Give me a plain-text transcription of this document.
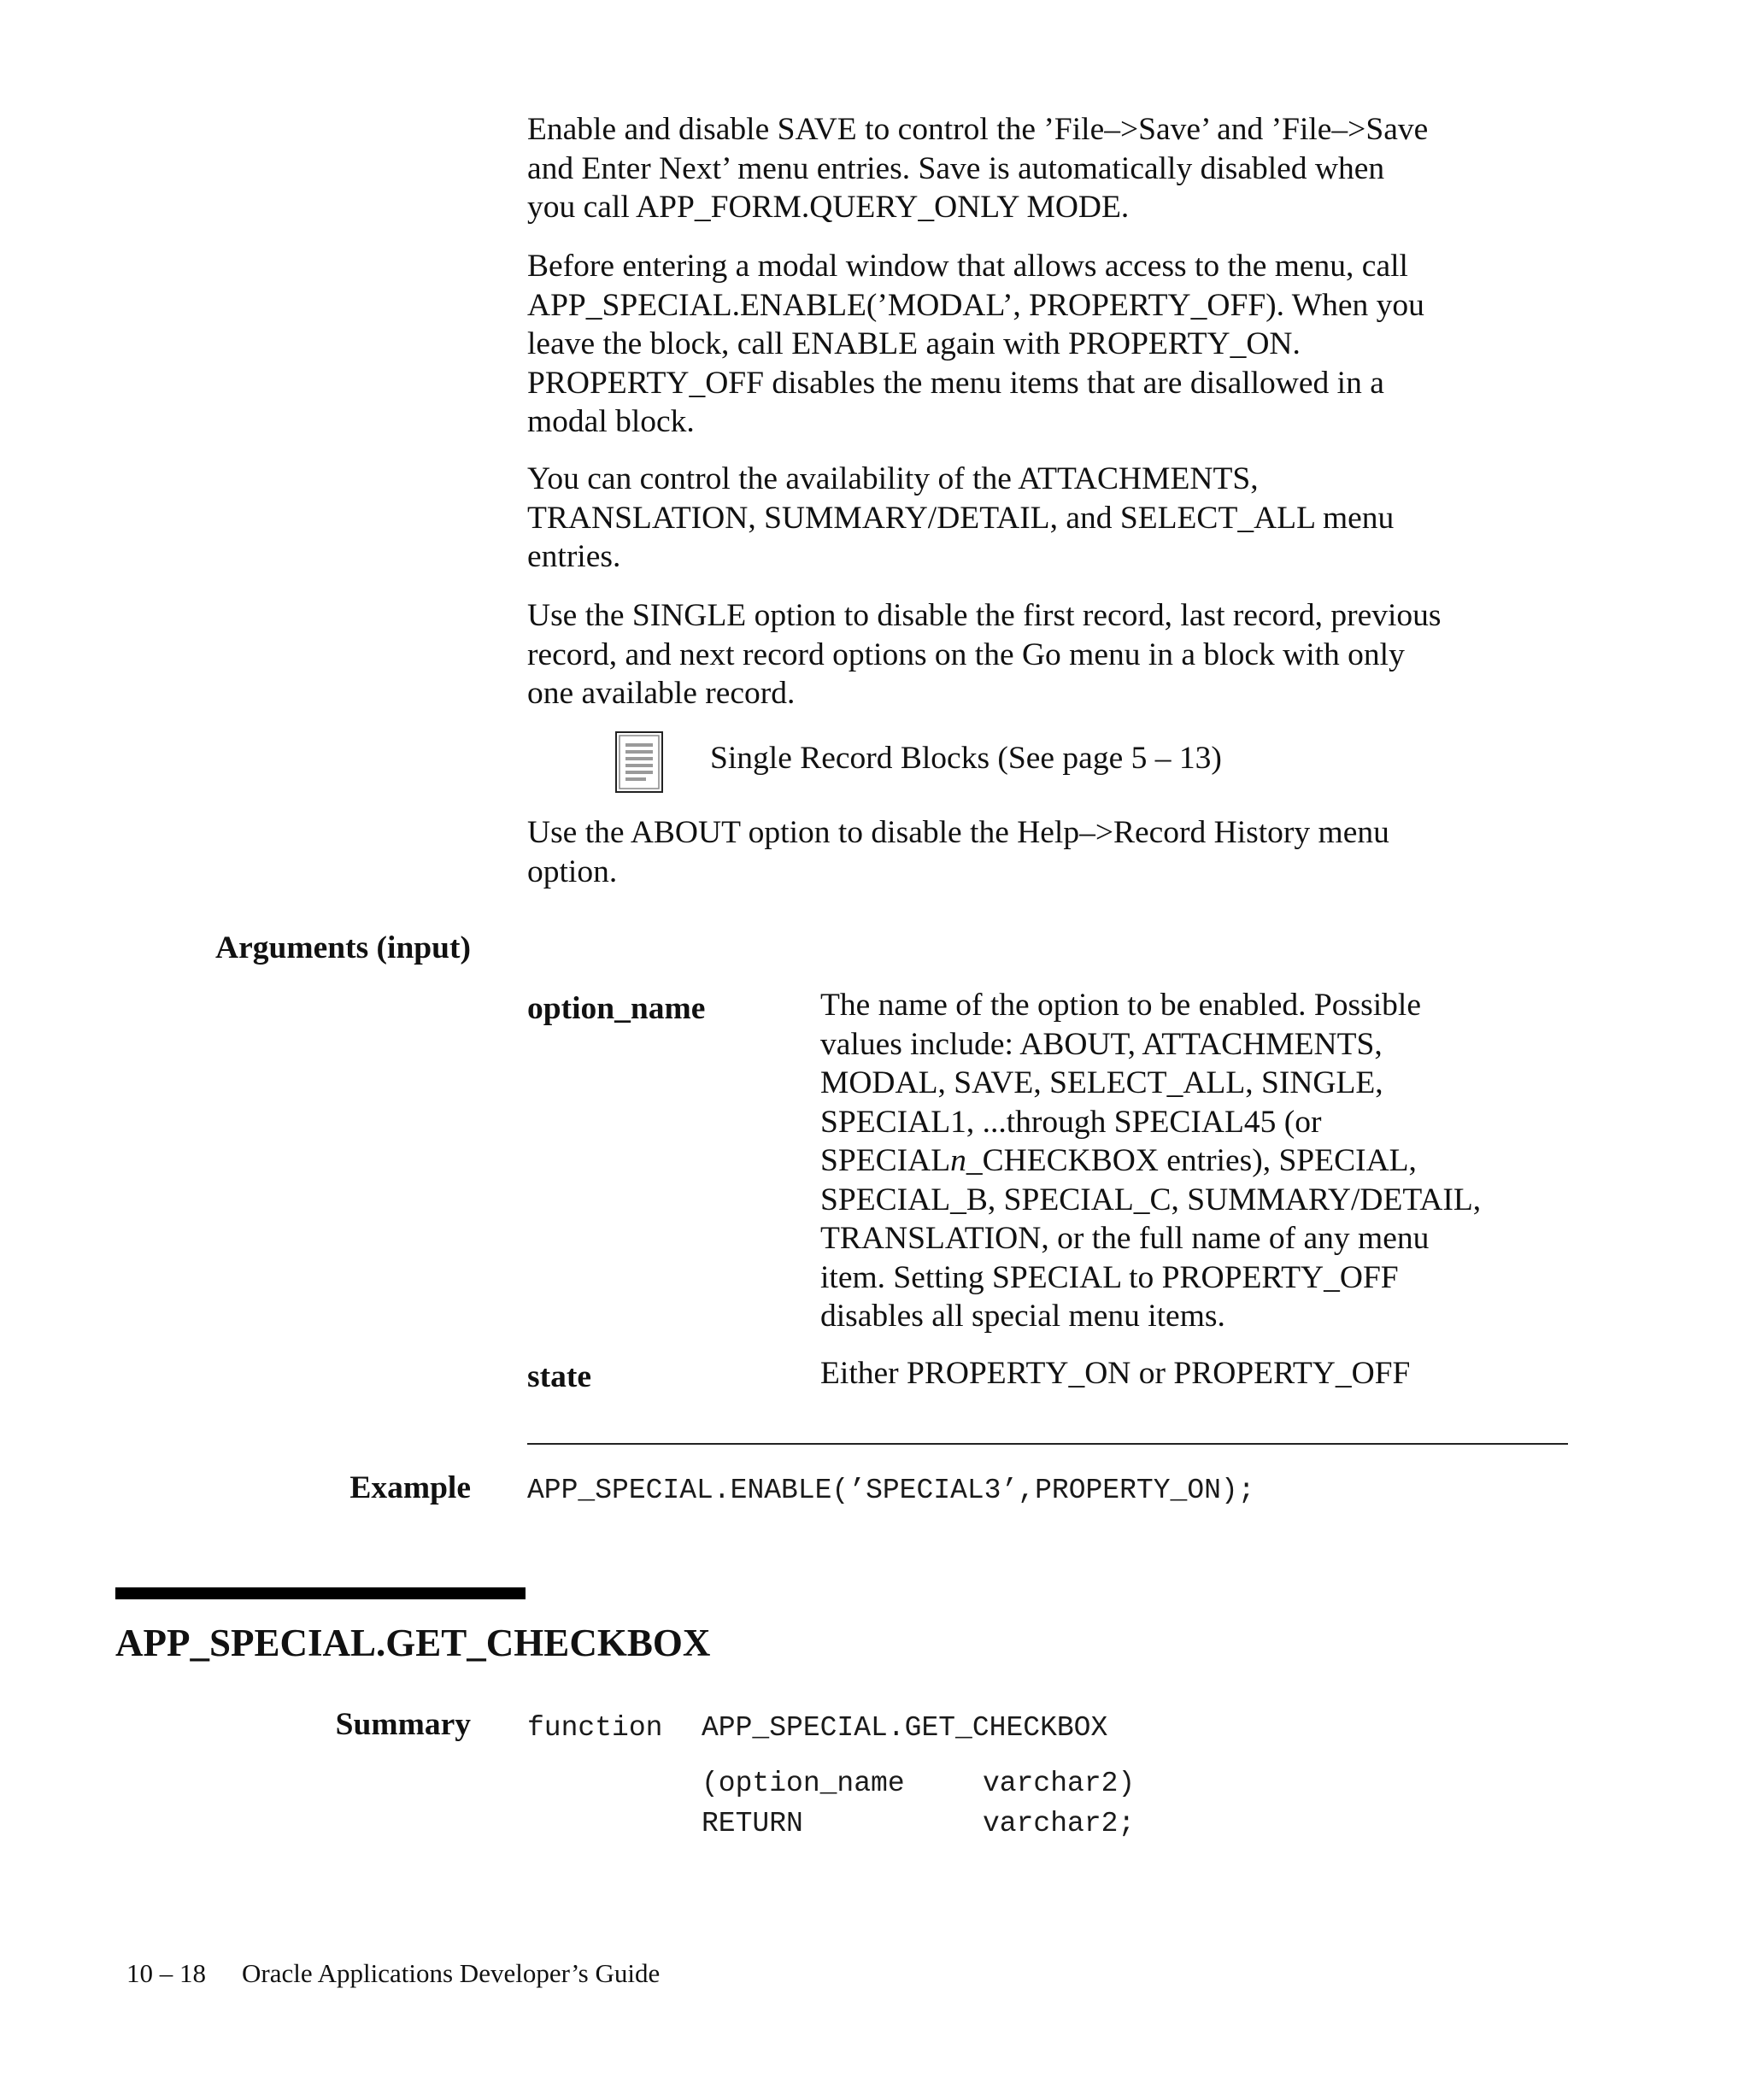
Enable and disable SAVE to control the ’File–>Save’ and ’File–>Save
and Enter Next’ menu entries. Save is automatically disabled when
you call APP_FORM.QUERY_ONLY MODE.
Before entering a modal window that allows access to the menu, call
APP_SPECIAL.ENABLE(’MODAL’, PROPERTY_OFF). When you
leave the block, call ENABLE again with PROPERTY_ON.
PROPERTY_OFF disables the menu items that are disallowed in a
modal block.
You can control the availability of the ATTACHMENTS,
TRANSLATION, SUMMARY/DETAIL, and SELECT_ALL menu
entries.
Use the SINGLE option to disable the first record, last record, previous
record, and next record options on the Go menu in a block with only
one available record.
Single Record Blocks (See page 5 – 13)
Use the ABOUT option to disable the Help–>Record History menu
option.
Arguments (input)
option_name	The name of the option to be enabled. Possible
values include: ABOUT, ATTACHMENTS,
MODAL, SAVE, SELECT_ALL, SINGLE,
SPECIAL1, ...through SPECIAL45 (or
SPECIALn_CHECKBOX entries), SPECIAL,
SPECIAL_B, SPECIAL_C, SUMMARY/DETAIL,
TRANSLATION, or the full name of any menu
item. Setting SPECIAL to PROPERTY_OFF
disables all special menu items.
state	Either PROPERTY_ON or PROPERTY_OFF
Example APP_SPECIAL.ENABLE(’SPECIAL3’,PROPERTY_ON);
APP_SPECIAL.GET_CHECKBOX
Summary function APP_SPECIAL.GET_CHECKBOX
(option_name	varchar2)
RETURN	varchar2;
10 – 18 Oracle Applications Developer’s Guide
